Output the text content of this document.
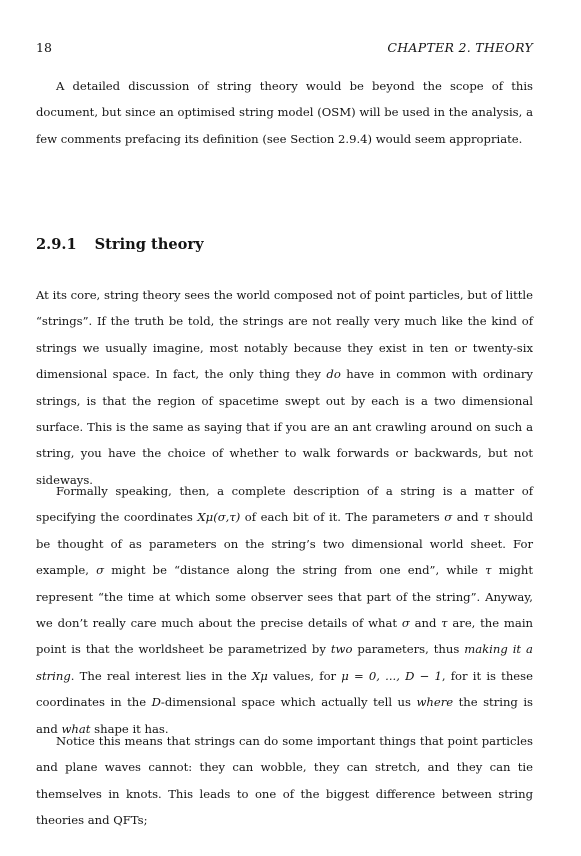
18	CHAPTER 2. THEORY

A detailed discussion of string theory would be beyond the scope of this document, but since an optimised string model (OSM) will be used in the analysis, a few comments prefacing its definition (see Section 2.9.4) would seem appropriate.

2.9.1 String theory

At its core, string theory sees the world composed not of point particles, but of little “strings”. If the truth be told, the strings are not really very much like the kind of strings we usually imagine, most notably because they exist in ten or twenty-six dimensional space. In fact, the only thing they do have in common with ordinary strings, is that the region of spacetime swept out by each is a two dimensional surface. This is the same as saying that if you are an ant crawling around on such a string, you have the choice of whether to walk forwards or backwards, but not sideways.

Formally speaking, then, a complete description of a string is a matter of specifying the coordinates Xμ(σ,τ) of each bit of it. The parameters σ and τ should be thought of as parameters on the string’s two dimensional world sheet. For example, σ might be “distance along the string from one end”, while τ might represent “the time at which some observer sees that part of the string”. Anyway, we don’t really care much about the precise details of what σ and τ are, the main point is that the worldsheet be parametrized by two parameters, thus making it a string. The real interest lies in the Xμ values, for μ = 0, ..., D − 1, for it is these coordinates in the D-dimensional space which actually tell us where the string is and what shape it has.

Notice this means that strings can do some important things that point particles and plane waves cannot: they can wobble, they can stretch, and they can tie themselves in knots. This leads to one of the biggest difference between string theories and QFTs;
